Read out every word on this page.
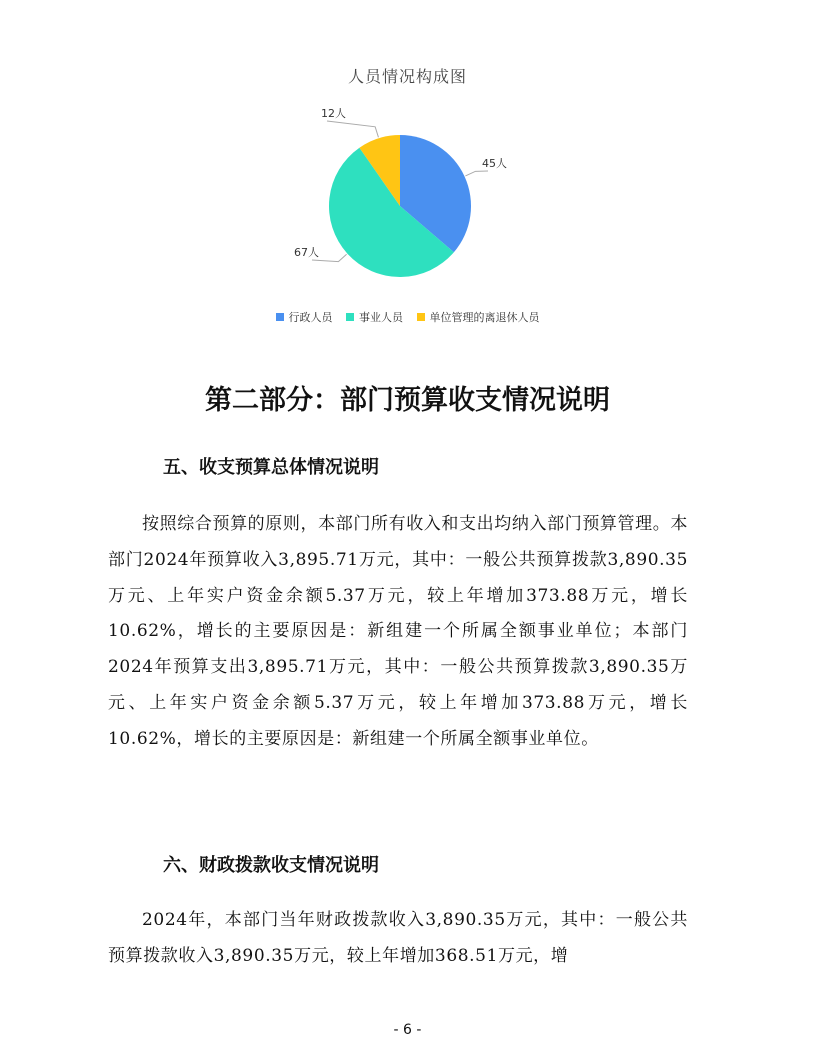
人员情况构成图
45人
67人
12人
行政人员 事业人员 单位管理的离退休人员
第二部分：部门预算收支情况说明
五、收支预算总体情况说明
按照综合预算的原则，本部门所有收入和支出均纳入部门预算管理。本部门2024年预算收入3,895.71万元，其中：一般公共预算拨款3,890.35万元、上年实户资金余额5.37万元，较上年增加373.88万元，增长10.62%，增长的主要原因是：新组建一个所属全额事业单位；本部门2024年预算支出3,895.71万元，其中：一般公共预算拨款3,890.35万元、上年实户资金余额5.37万元，较上年增加373.88万元，增长10.62%，增长的主要原因是：新组建一个所属全额事业单位。
六、财政拨款收支情况说明
2024年，本部门当年财政拨款收入3,890.35万元，其中：一般公共预算拨款收入3,890.35万元，较上年增加368.51万元，增
- 6 -
